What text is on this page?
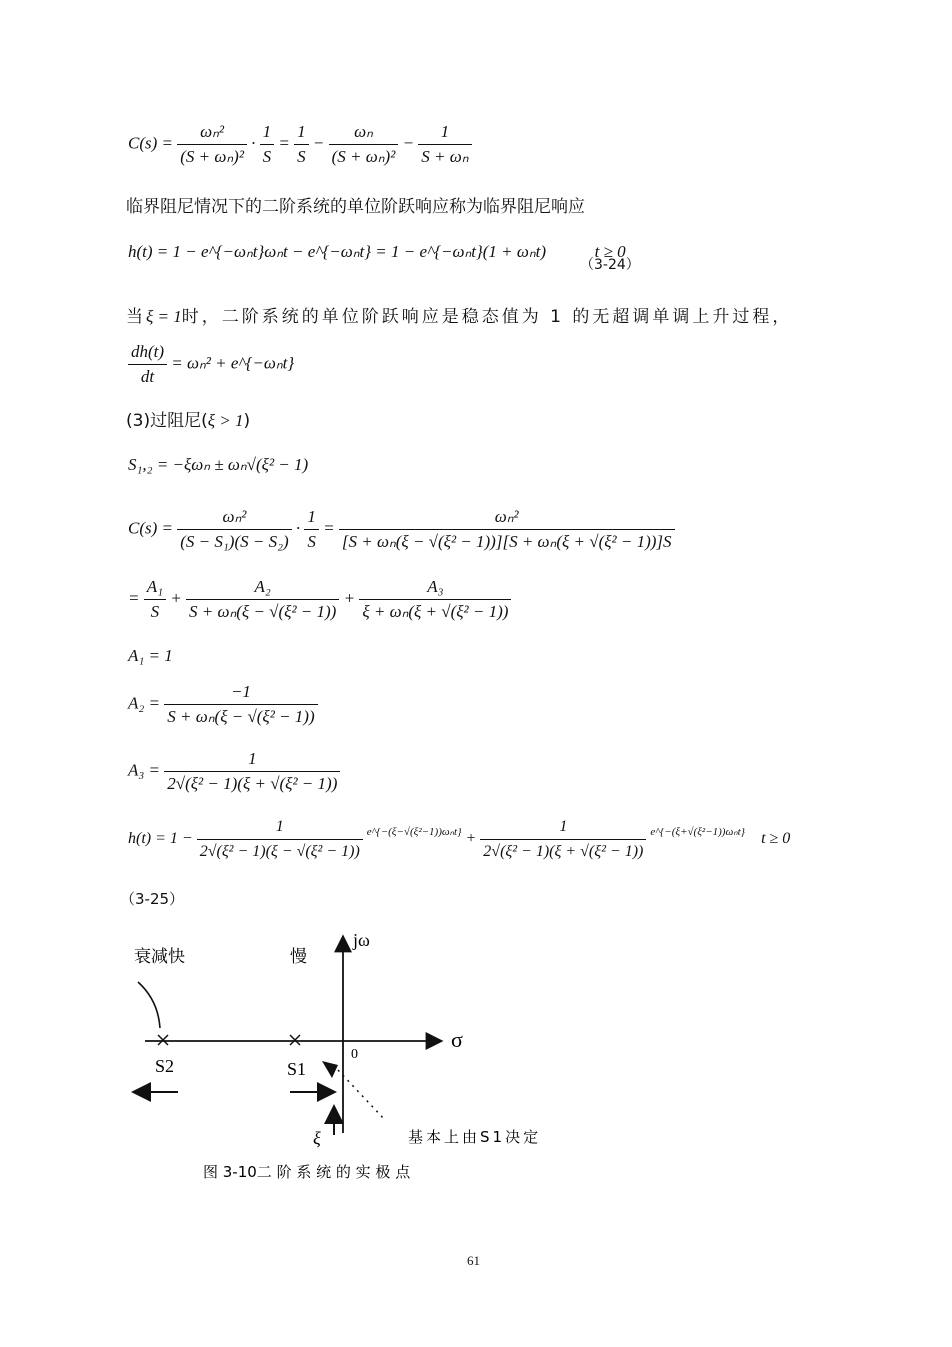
$C(s) = \frac{\text{ωₙ²}}{\text{(S + ωₙ)²}} \cdot \frac{1}{S} = \frac{1}{S} - \frac{\text{ωₙ}}{\text{(S + ωₙ)²}} - \frac{1}{\text{S + ωₙ}}$
临界阻尼情况下的二阶系统的单位阶跃响应称为临界阻尼响应
h(t) = 1 − e^{−ωₙt}ωₙt − e^{−ωₙt} = 1 − e^{−ωₙt}(1 + ωₙt)	t ≥ 0
（3-24）
当ξ = 1时，二阶系统的单位阶跃响应是稳态值为 1 的无超调单调上升过程，
$\frac{dh(t)}{dt} = \omega_n^2$ + e^{−ωₙt}
(3)过阻尼(ξ > 1)
S₁,₂ = −ξωₙ ± ωₙ√(ξ² − 1)
$C(s) = \frac{\text{ωₙ²}}{\text{(S − S₁)(S − S₂)}} \cdot \frac{1}{S} = \frac{\text{ωₙ²}}{\text{[S + ωₙ(ξ − √(ξ² − 1))][S + ωₙ(ξ + √(ξ² − 1))]S}}$
= $\frac{\text{A₁}}{S} + \frac{\text{A₂}}{\text{S + ωₙ(ξ − √(ξ² − 1))}} + \frac{\text{A₃}}{\text{ξ + ωₙ(ξ + √(ξ² − 1))}}$
A₁ = 1
$A_2 = \frac{-1}{\text{S + ωₙ(ξ − √(ξ² − 1))}}$
$A_3 = \frac{1}{\text{2√(ξ² − 1)(ξ + √(ξ² − 1))}}$
$h(t) = 1 - \frac{1}{\text{2√(ξ² − 1)(ξ − √(ξ² − 1))}} ^{e\^{}\{-(\xi-√(\xi^2-1))\omega_nt\}} + \frac{1}{\text{2√(ξ² − 1)(ξ + √(ξ² − 1))}} ^{e\^{}\{-(\xi+√(\xi^2-1))\omega_nt\}}$ t ≥ 0
（3-25）
jω
σ
0
衰减快	慢
S2	S1
ξ	基本上由S1决定
图 3-10二 阶 系 统 的 实 极 点
61
